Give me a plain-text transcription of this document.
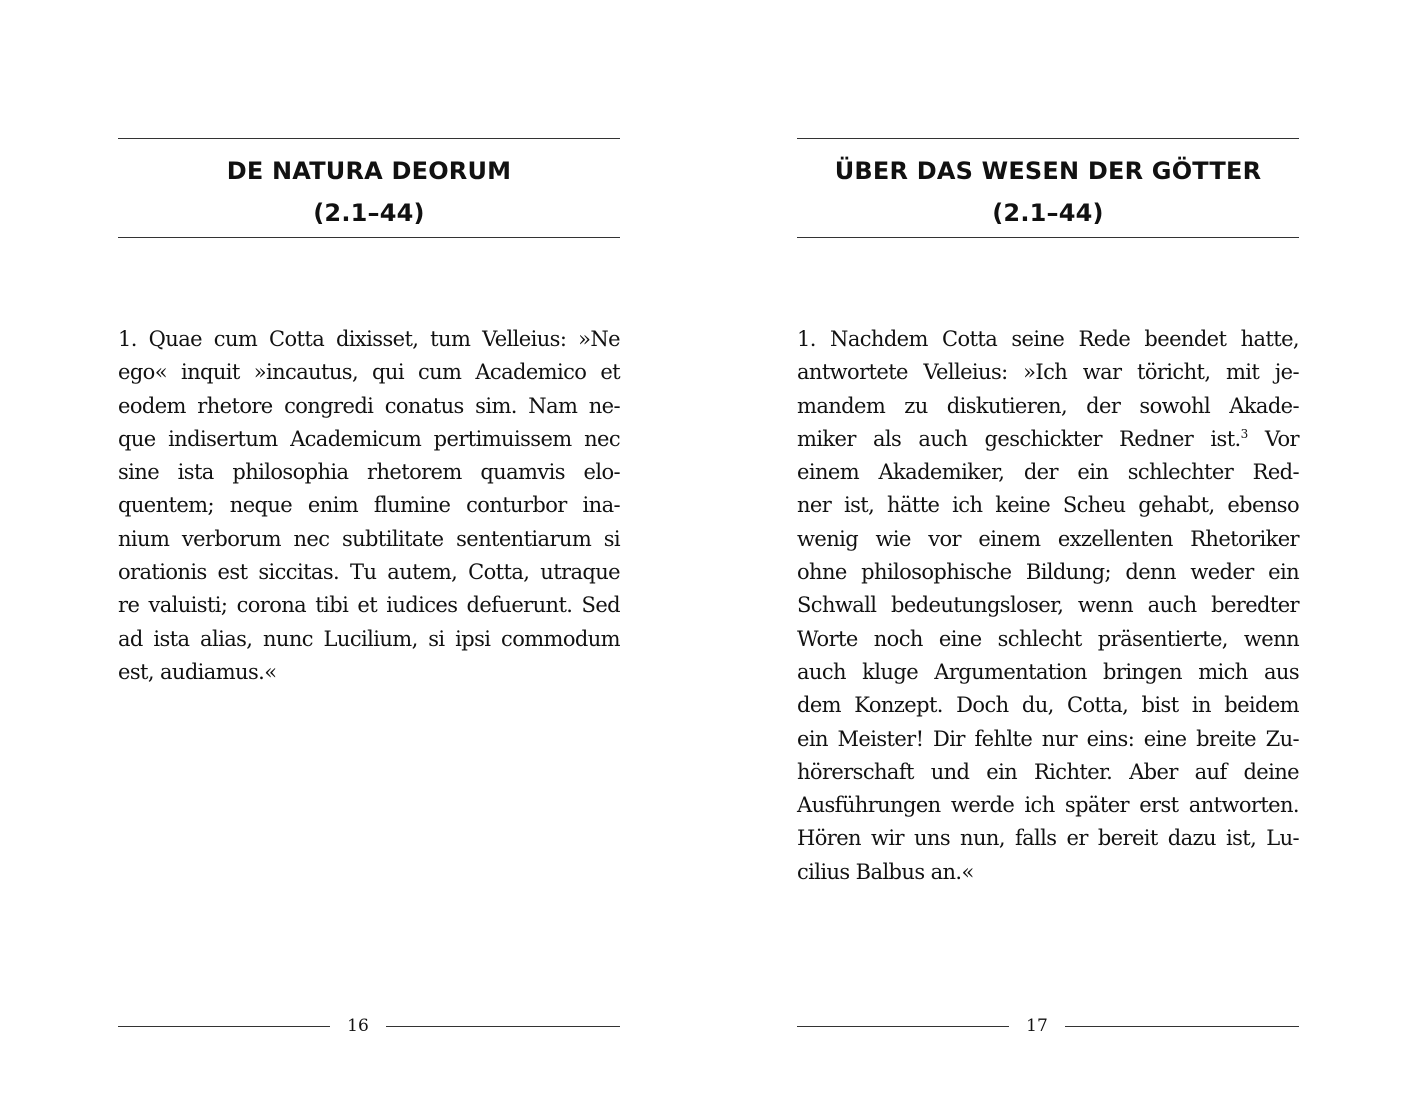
DE NATURA DEORUM
(2.1–44)
1. Quae cum Cotta dixisset, tum Velleius: »Ne
ego« inquit »incautus, qui cum Academico et
eodem rhetore congredi conatus sim. Nam ne-
que indisertum Academicum pertimuissem nec
sine ista philosophia rhetorem quamvis elo-
quentem; neque enim flumine conturbor ina-
nium verborum nec subtilitate sententiarum si
orationis est siccitas. Tu autem, Cotta, utraque
re valuisti; corona tibi et iudices defuerunt. Sed
ad ista alias, nunc Lucilium, si ipsi commodum
est, audiamus.«
16
ÜBER DAS WESEN DER GÖTTER
(2.1–44)
1. Nachdem Cotta seine Rede beendet hatte,
antwortete Velleius: »Ich war töricht, mit je-
mandem zu diskutieren, der sowohl Akade-
miker als auch geschickter Redner ist.$^3$ Vor
einem Akademiker, der ein schlechter Red-
ner ist, hätte ich keine Scheu gehabt, ebenso
wenig wie vor einem exzellenten Rhetoriker
ohne philosophische Bildung; denn weder ein
Schwall bedeutungsloser, wenn auch beredter
Worte noch eine schlecht präsentierte, wenn
auch kluge Argumentation bringen mich aus
dem Konzept. Doch du, Cotta, bist in beidem
ein Meister! Dir fehlte nur eins: eine breite Zu-
hörerschaft und ein Richter. Aber auf deine
Ausführungen werde ich später erst antworten.
Hören wir uns nun, falls er bereit dazu ist, Lu-
cilius Balbus an.«
17
